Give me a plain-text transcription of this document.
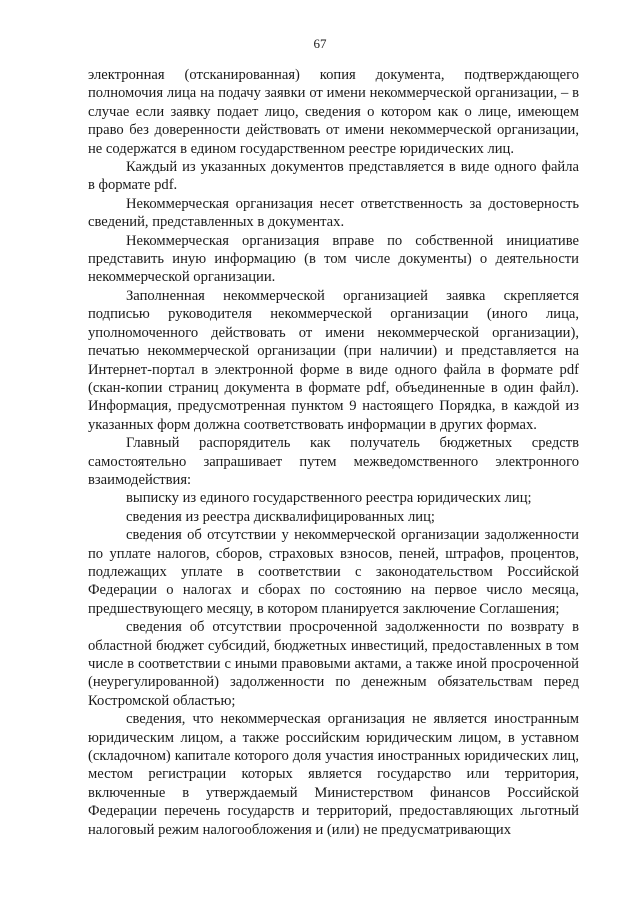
67

электронная (отсканированная) копия документа, подтверждающего полномочия лица на подачу заявки от имени некоммерческой организации, – в случае если заявку подает лицо, сведения о котором как о лице, имеющем право без доверенности действовать от имени некоммерческой организации, не содержатся в едином государственном реестре юридических лиц.

Каждый из указанных документов представляется в виде одного файла в формате pdf.

Некоммерческая организация несет ответственность за достоверность сведений, представленных в документах.

Некоммерческая организация вправе по собственной инициативе представить иную информацию (в том числе документы) о деятельности некоммерческой организации.

Заполненная некоммерческой организацией заявка скрепляется подписью руководителя некоммерческой организации (иного лица, уполномоченного действовать от имени некоммерческой организации), печатью некоммерческой организации (при наличии) и представляется на Интернет-портал в электронной форме в виде одного файла в формате pdf (скан-копии страниц документа в формате pdf, объединенные в один файл). Информация, предусмотренная пунктом 9 настоящего Порядка, в каждой из указанных форм должна соответствовать информации в других формах.

Главный распорядитель как получатель бюджетных средств самостоятельно запрашивает путем межведомственного электронного взаимодействия:

выписку из единого государственного реестра юридических лиц;

сведения из реестра дисквалифицированных лиц;

сведения об отсутствии у некоммерческой организации задолженности по уплате налогов, сборов, страховых взносов, пеней, штрафов, процентов, подлежащих уплате в соответствии с законодательством Российской Федерации о налогах и сборах по состоянию на первое число месяца, предшествующего месяцу, в котором планируется заключение Соглашения;

сведения об отсутствии просроченной задолженности по возврату в областной бюджет субсидий, бюджетных инвестиций, предоставленных в том числе в соответствии с иными правовыми актами, а также иной просроченной (неурегулированной) задолженности по денежным обязательствам перед Костромской областью;

сведения, что некоммерческая организация не является иностранным юридическим лицом, а также российским юридическим лицом, в уставном (складочном) капитале которого доля участия иностранных юридических лиц, местом регистрации которых является государство или территория, включенные в утверждаемый Министерством финансов Российской Федерации перечень государств и территорий, предоставляющих льготный налоговый режим налогообложения и (или) не предусматривающих
